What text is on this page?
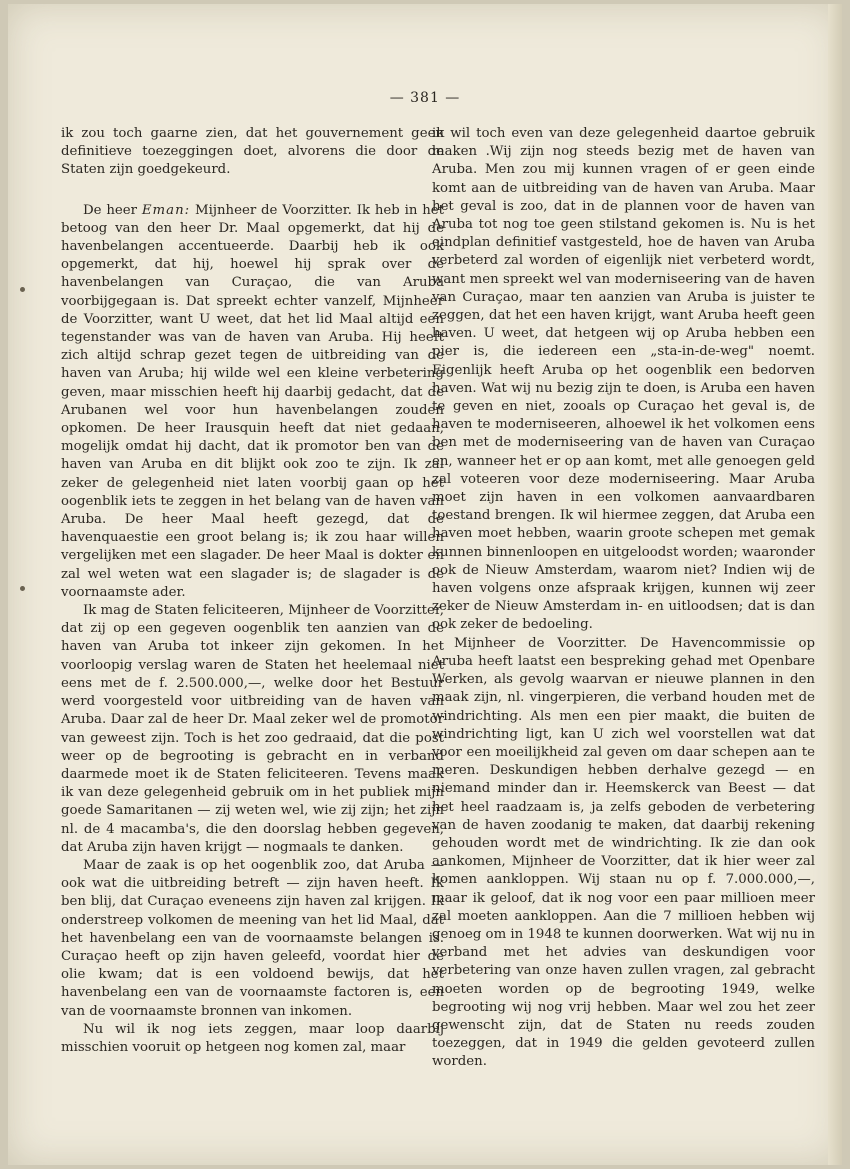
— 381 —

ik zou toch gaarne zien, dat het gouvernement geen definitieve toezeggingen doet, alvorens die door de Staten zijn goedgekeurd.

De heer Eman: Mijnheer de Voorzitter. Ik heb in het betoog van den heer Dr. Maal opgemerkt, dat hij de havenbelangen accentueerde. Daarbij heb ik ook opgemerkt, dat hij, hoewel hij sprak over de havenbelangen van Curaçao, die van Aruba voorbijgegaan is. Dat spreekt echter vanzelf, Mijnheer de Voorzitter, want U weet, dat het lid Maal altijd een tegenstander was van de haven van Aruba. Hij heeft zich altijd schrap gezet tegen de uitbreiding van de haven van Aruba; hij wilde wel een kleine verbetering geven, maar misschien heeft hij daarbij gedacht, dat de Arubanen wel voor hun havenbelangen zouden opkomen. De heer Irausquin heeft dat niet gedaan, mogelijk omdat hij dacht, dat ik promotor ben van de haven van Aruba en dit blijkt ook zoo te zijn. Ik zal zeker de gelegenheid niet laten voorbij gaan op het oogenblik iets te zeggen in het belang van de haven van Aruba. De heer Maal heeft gezegd, dat de havenquaestie een groot belang is; ik zou haar willen vergelijken met een slagader. De heer Maal is dokter en zal wel weten wat een slagader is; de slagader is de voornaamste ader.

Ik mag de Staten feliciteeren, Mijnheer de Voorzitter, dat zij op een gegeven oogenblik ten aanzien van de haven van Aruba tot inkeer zijn gekomen. In het voorloopig verslag waren de Staten het heelemaal niet eens met de f. 2.500.000,—, welke door het Bestuur werd voorgesteld voor uitbreiding van de haven van Aruba. Daar zal de heer Dr. Maal zeker wel de promotor van geweest zijn. Toch is het zoo gedraaid, dat die post weer op de begrooting is gebracht en in verband daarmede moet ik de Staten feliciteeren. Tevens maak ik van deze gelegenheid gebruik om in het publiek mijn goede Samaritanen — zij weten wel, wie zij zijn; het zijn nl. de 4 macamba's, die den doorslag hebben gegeven, dat Aruba zijn haven krijgt — nogmaals te danken.

Maar de zaak is op het oogenblik zoo, dat Aruba — ook wat die uitbreiding betreft — zijn haven heeft. Ik ben blij, dat Curaçao eveneens zijn haven zal krijgen. Ik onderstreep volkomen de meening van het lid Maal, dat het havenbelang een van de voornaamste belangen is. Curaçao heeft op zijn haven geleefd, voordat hier de olie kwam; dat is een voldoend bewijs, dat het havenbelang een van de voornaamste factoren is, een van de voornaamste bronnen van inkomen.

Nu wil ik nog iets zeggen, maar loop daarbij misschien vooruit op hetgeen nog komen zal, maar

ik wil toch even van deze gelegenheid daartoe gebruik maken .Wij zijn nog steeds bezig met de haven van Aruba. Men zou mij kunnen vragen of er geen einde komt aan de uitbreiding van de haven van Aruba. Maar het geval is zoo, dat in de plannen voor de haven van Aruba tot nog toe geen stilstand gekomen is. Nu is het eindplan definitief vastgesteld, hoe de haven van Aruba verbeterd zal worden of eigenlijk niet verbeterd wordt, want men spreekt wel van moderniseering van de haven van Curaçao, maar ten aanzien van Aruba is juister te zeggen, dat het een haven krijgt, want Aruba heeft geen haven. U weet, dat hetgeen wij op Aruba hebben een pier is, die iedereen een „sta-in-de-weg" noemt. Eigenlijk heeft Aruba op het oogenblik een bedorven haven. Wat wij nu bezig zijn te doen, is Aruba een haven te geven en niet, zooals op Curaçao het geval is, de haven te moderniseeren, alhoewel ik het volkomen eens ben met de moderniseering van de haven van Curaçao en, wanneer het er op aan komt, met alle genoegen geld zal voteeren voor deze moderniseering. Maar Aruba moet zijn haven in een volkomen aanvaardbaren toestand brengen. Ik wil hiermee zeggen, dat Aruba een haven moet hebben, waarin groote schepen met gemak kunnen binnenloopen en uitgeloodst worden; waaronder ook de Nieuw Amsterdam, waarom niet? Indien wij de haven volgens onze afspraak krijgen, kunnen wij zeer zeker de Nieuw Amsterdam in- en uitloodsen; dat is dan ook zeker de bedoeling.

Mijnheer de Voorzitter. De Havencommissie op Aruba heeft laatst een bespreking gehad met Openbare Werken, als gevolg waarvan er nieuwe plannen in den maak zijn, nl. vingerpieren, die verband houden met de windrichting. Als men een pier maakt, die buiten de windrichting ligt, kan U zich wel voorstellen wat dat voor een moeilijkheid zal geven om daar schepen aan te meren. Deskundigen hebben derhalve gezegd — en niemand minder dan ir. Heemskerck van Beest — dat het heel raadzaam is, ja zelfs geboden de verbetering van de haven zoodanig te maken, dat daarbij rekening gehouden wordt met de windrichting. Ik zie dan ook aankomen, Mijnheer de Voorzitter, dat ik hier weer zal komen aankloppen. Wij staan nu op f. 7.000.000,—, maar ik geloof, dat ik nog voor een paar millioen meer zal moeten aankloppen. Aan die 7 millioen hebben wij genoeg om in 1948 te kunnen doorwerken. Wat wij nu in verband met het advies van deskundigen voor verbetering van onze haven zullen vragen, zal gebracht moeten worden op de begrooting 1949, welke begrooting wij nog vrij hebben. Maar wel zou het zeer gewenscht zijn, dat de Staten nu reeds zouden toezeggen, dat in 1949 die gelden gevoteerd zullen worden.
